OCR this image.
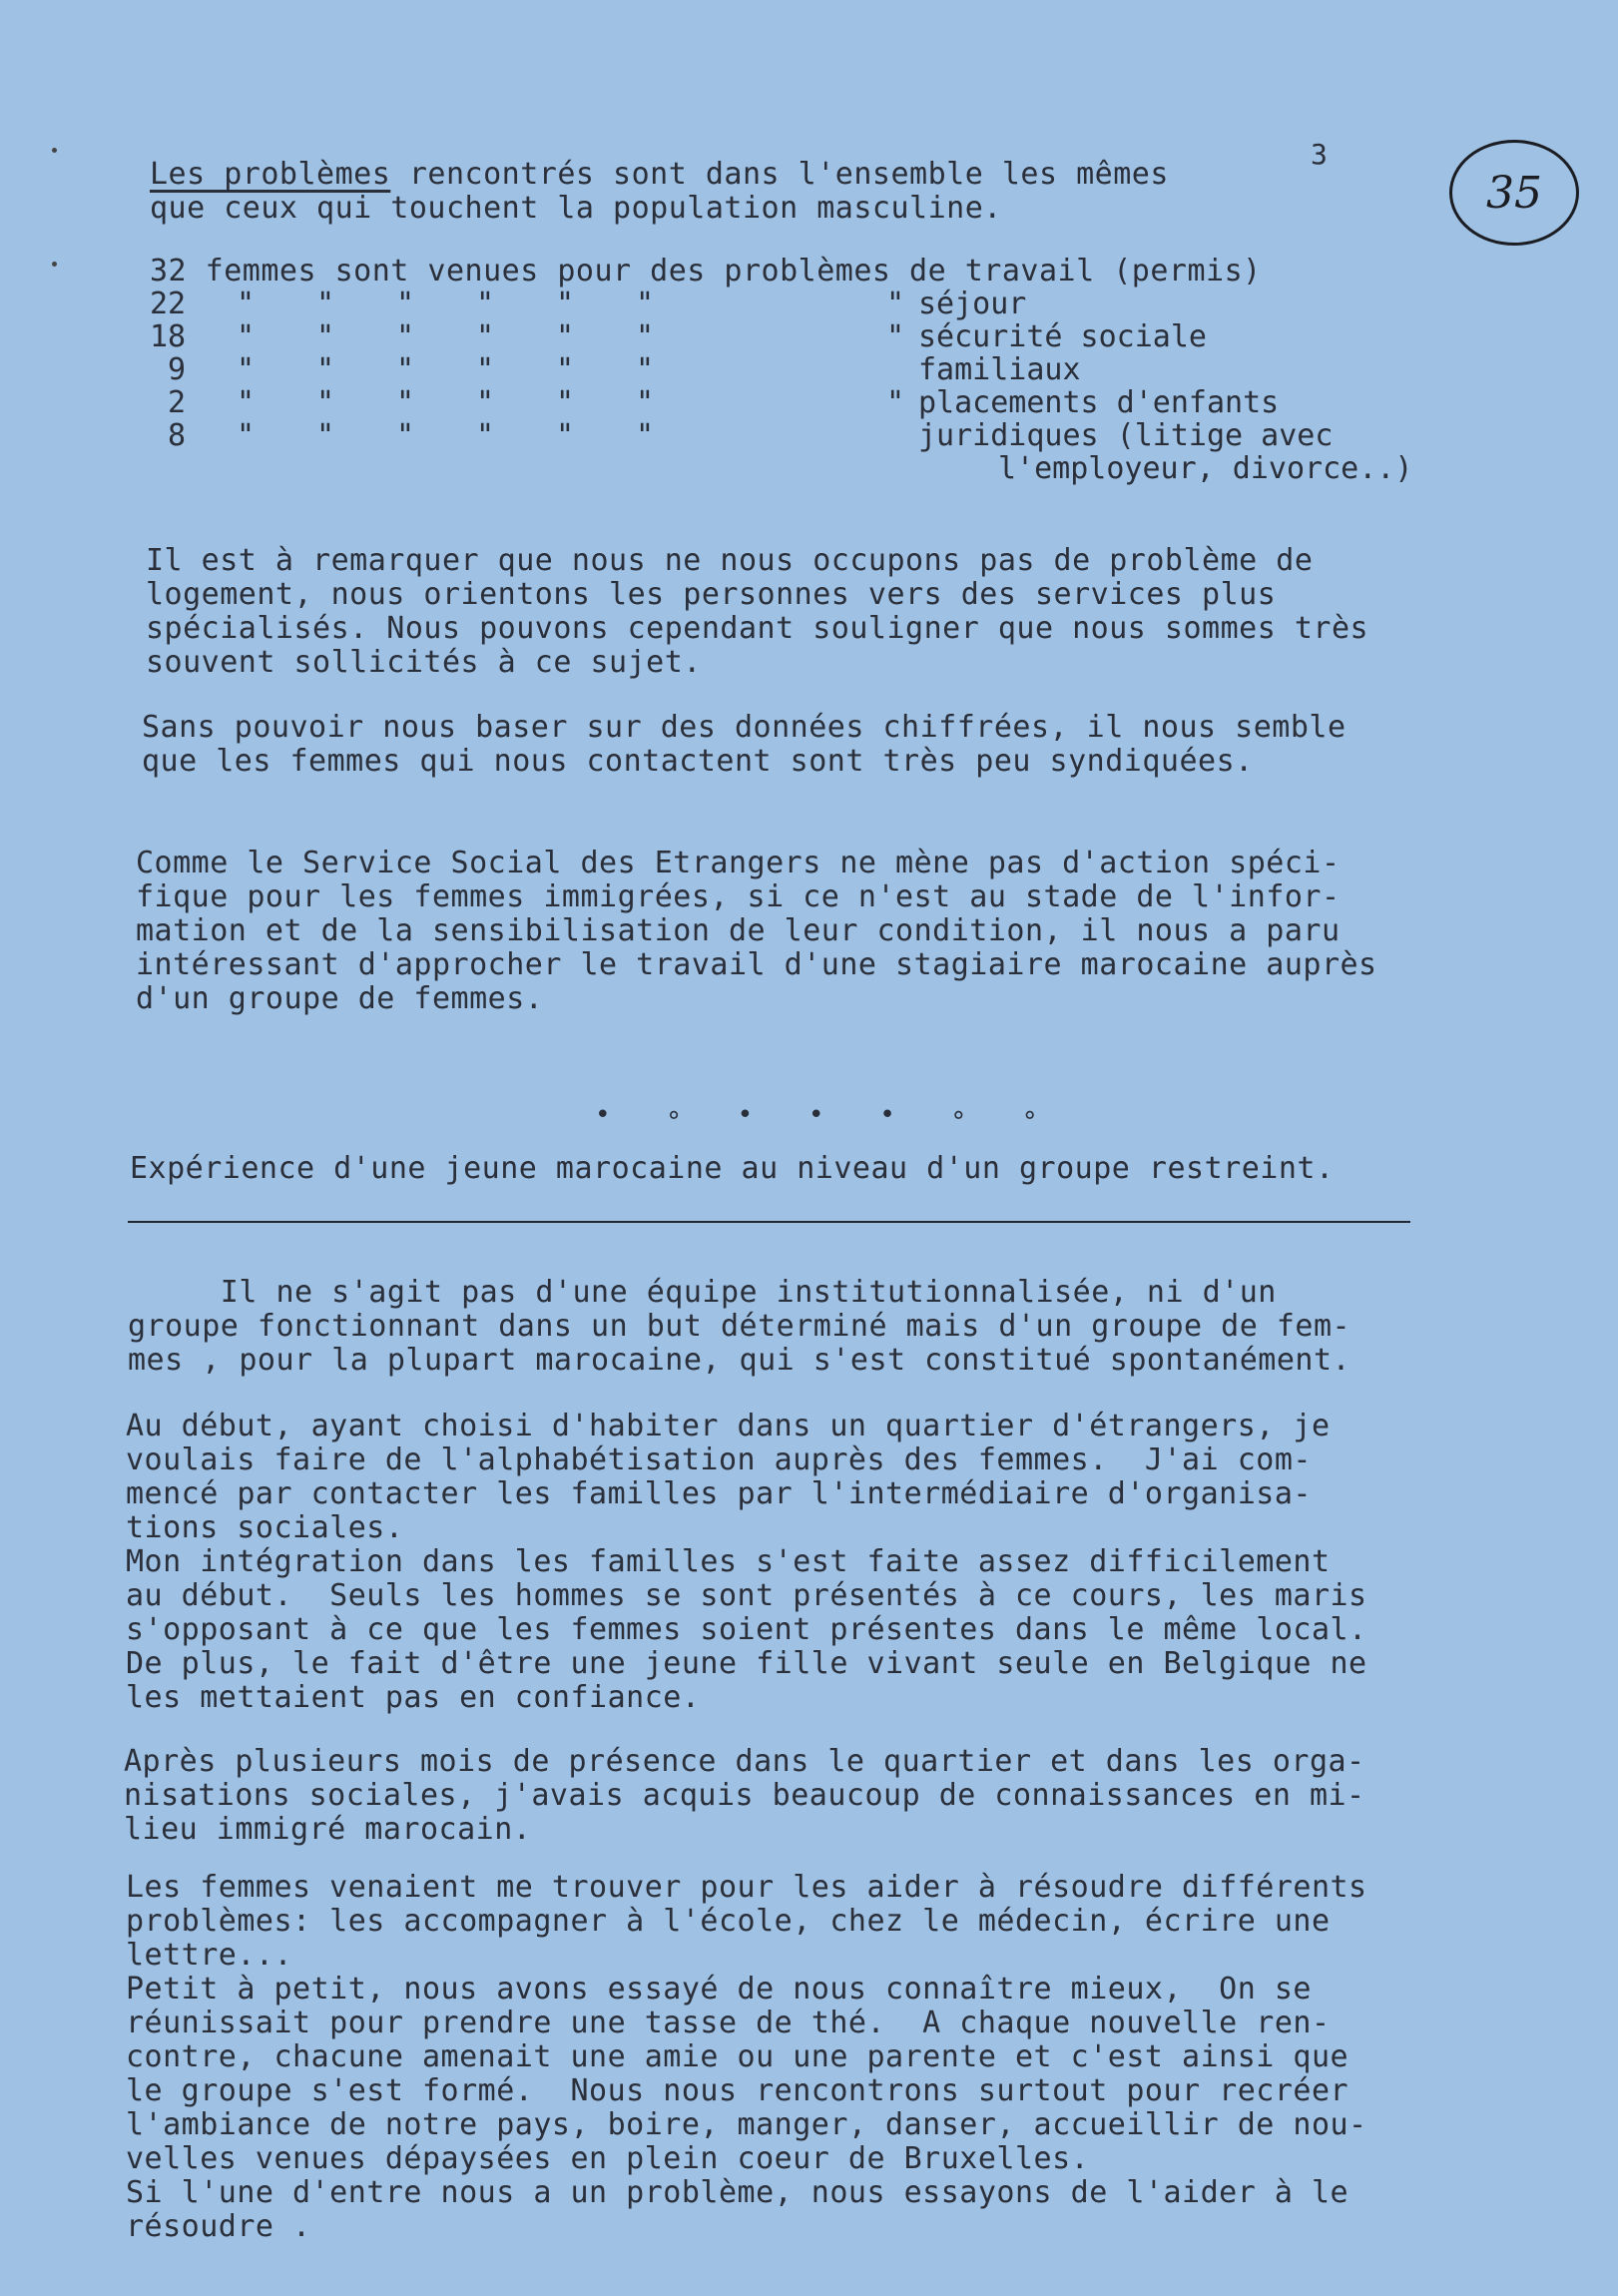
3
35
Les problèmes rencontrés sont dans l'ensemble les mêmes
que ceux qui touchent la population masculine.
32 femmes sont venues pour des problèmes de travail (permis)
22	"	"	"	"	"	"	" séjour
18	"	"	"	"	"	"	" sécurité sociale
9	"	"	"	"	"	"	familiaux
2	"	"	"	"	"	"	" placements d'enfants
8	"	"	"	"	"	"	juridiques (litige avec
l'employeur, divorce..)
Il est à remarquer que nous ne nous occupons pas de problème de
logement, nous orientons les personnes vers des services plus
spécialisés. Nous pouvons cependant souligner que nous sommes très
souvent sollicités à ce sujet.
Sans pouvoir nous baser sur des données chiffrées, il nous semble
que les femmes qui nous contactent sont très peu syndiquées.
Comme le Service Social des Etrangers ne mène pas d'action spéci-
fique pour les femmes immigrées, si ce n'est au stade de l'infor-
mation et de la sensibilisation de leur condition, il nous a paru
intéressant d'approcher le travail d'une stagiaire marocaine auprès
d'un groupe de femmes.
• ∘ • • • ∘ ∘
Expérience d'une jeune marocaine au niveau d'un groupe restreint.
Il ne s'agit pas d'une équipe institutionnalisée, ni d'un
groupe fonctionnant dans un but déterminé mais d'un groupe de fem-
mes , pour la plupart marocaine, qui s'est constitué spontanément.
Au début, ayant choisi d'habiter dans un quartier d'étrangers, je
voulais faire de l'alphabétisation auprès des femmes.  J'ai com-
mencé par contacter les familles par l'intermédiaire d'organisa-
tions sociales.
Mon intégration dans les familles s'est faite assez difficilement
au début.  Seuls les hommes se sont présentés à ce cours, les maris
s'opposant à ce que les femmes soient présentes dans le même local.
De plus, le fait d'être une jeune fille vivant seule en Belgique ne
les mettaient pas en confiance.
Après plusieurs mois de présence dans le quartier et dans les orga-
nisations sociales, j'avais acquis beaucoup de connaissances en mi-
lieu immigré marocain.
Les femmes venaient me trouver pour les aider à résoudre différents
problèmes: les accompagner à l'école, chez le médecin, écrire une
lettre...
Petit à petit, nous avons essayé de nous connaître mieux,  On se
réunissait pour prendre une tasse de thé.  A chaque nouvelle ren-
contre, chacune amenait une amie ou une parente et c'est ainsi que
le groupe s'est formé.  Nous nous rencontrons surtout pour recréer
l'ambiance de notre pays, boire, manger, danser, accueillir de nou-
velles venues dépaysées en plein coeur de Bruxelles.
Si l'une d'entre nous a un problème, nous essayons de l'aider à le
résoudre .
